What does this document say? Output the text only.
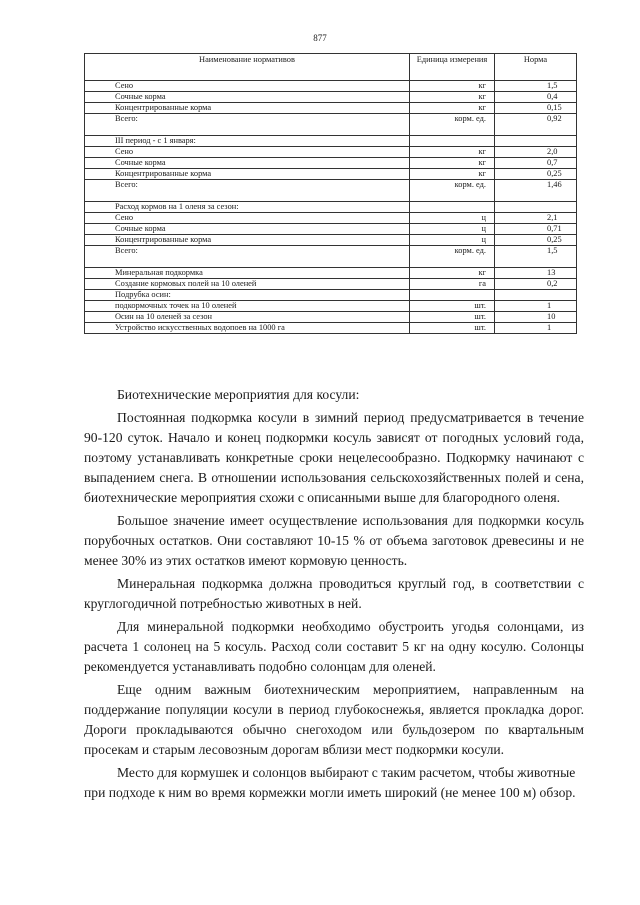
877
Наименование нормативов	Единица измерения	Норма
Сено	кг	1,5
Сочные корма	кг	0,4
Концентрированные корма	кг	0,15
Всего:	корм. ед.	0,92
III период - с 1 января:		
Сено	кг	2,0
Сочные корма	кг	0,7
Концентрированные корма	кг	0,25
Всего:	корм. ед.	1,46
Расход кормов на 1 оленя за сезон:		
Сено	ц	2,1
Сочные корма	ц	0,71
Концентрированные корма	ц	0,25
Всего:	корм. ед.	1,5
Минеральная подкормка	кг	13
Создание кормовых полей на 10 оленей	га	0,2
Подрубка осин:		
подкормочных точек на 10 оленей	шт.	1
Осин на 10 оленей за сезон	шт.	10
Устройство искусственных водопоев на 1000 га	шт.	1

Биотехнические мероприятия для косули:

Постоянная подкормка косули в зимний период предусматривается в течение 90-120 суток. Начало и конец подкормки косуль зависят от погодных условий года, поэтому устанавливать конкретные сроки нецелесообразно. Подкормку начинают с выпадением снега. В отношении использования сельскохозяйственных полей и сена, биотехнические мероприятия схожи с описанными выше для благородного оленя.

Большое значение имеет осуществление использования для подкормки косуль порубочных остатков. Они составляют 10-15 % от объема заготовок древесины и не менее 30% из этих остатков имеют кормовую ценность.

Минеральная подкормка должна проводиться круглый год, в соответствии с круглогодичной потребностью животных в ней.

Для минеральной подкормки необходимо обустроить угодья солонцами, из расчета 1 солонец на 5 косуль. Расход соли составит 5 кг на одну косулю. Солонцы рекомендуется устанавливать подобно солонцам для оленей.

Еще одним важным биотехническим мероприятием, направленным на поддержание популяции косули в период глубокоснежья, является прокладка дорог. Дороги прокладываются обычно снегоходом или бульдозером по квартальным просекам и старым лесовозным дорогам вблизи мест подкормки косули.

Место для кормушек и солонцов выбирают с таким расчетом, чтобы животные при подходе к ним во время кормежки могли иметь широкий (не менее 100 м) обзор.
